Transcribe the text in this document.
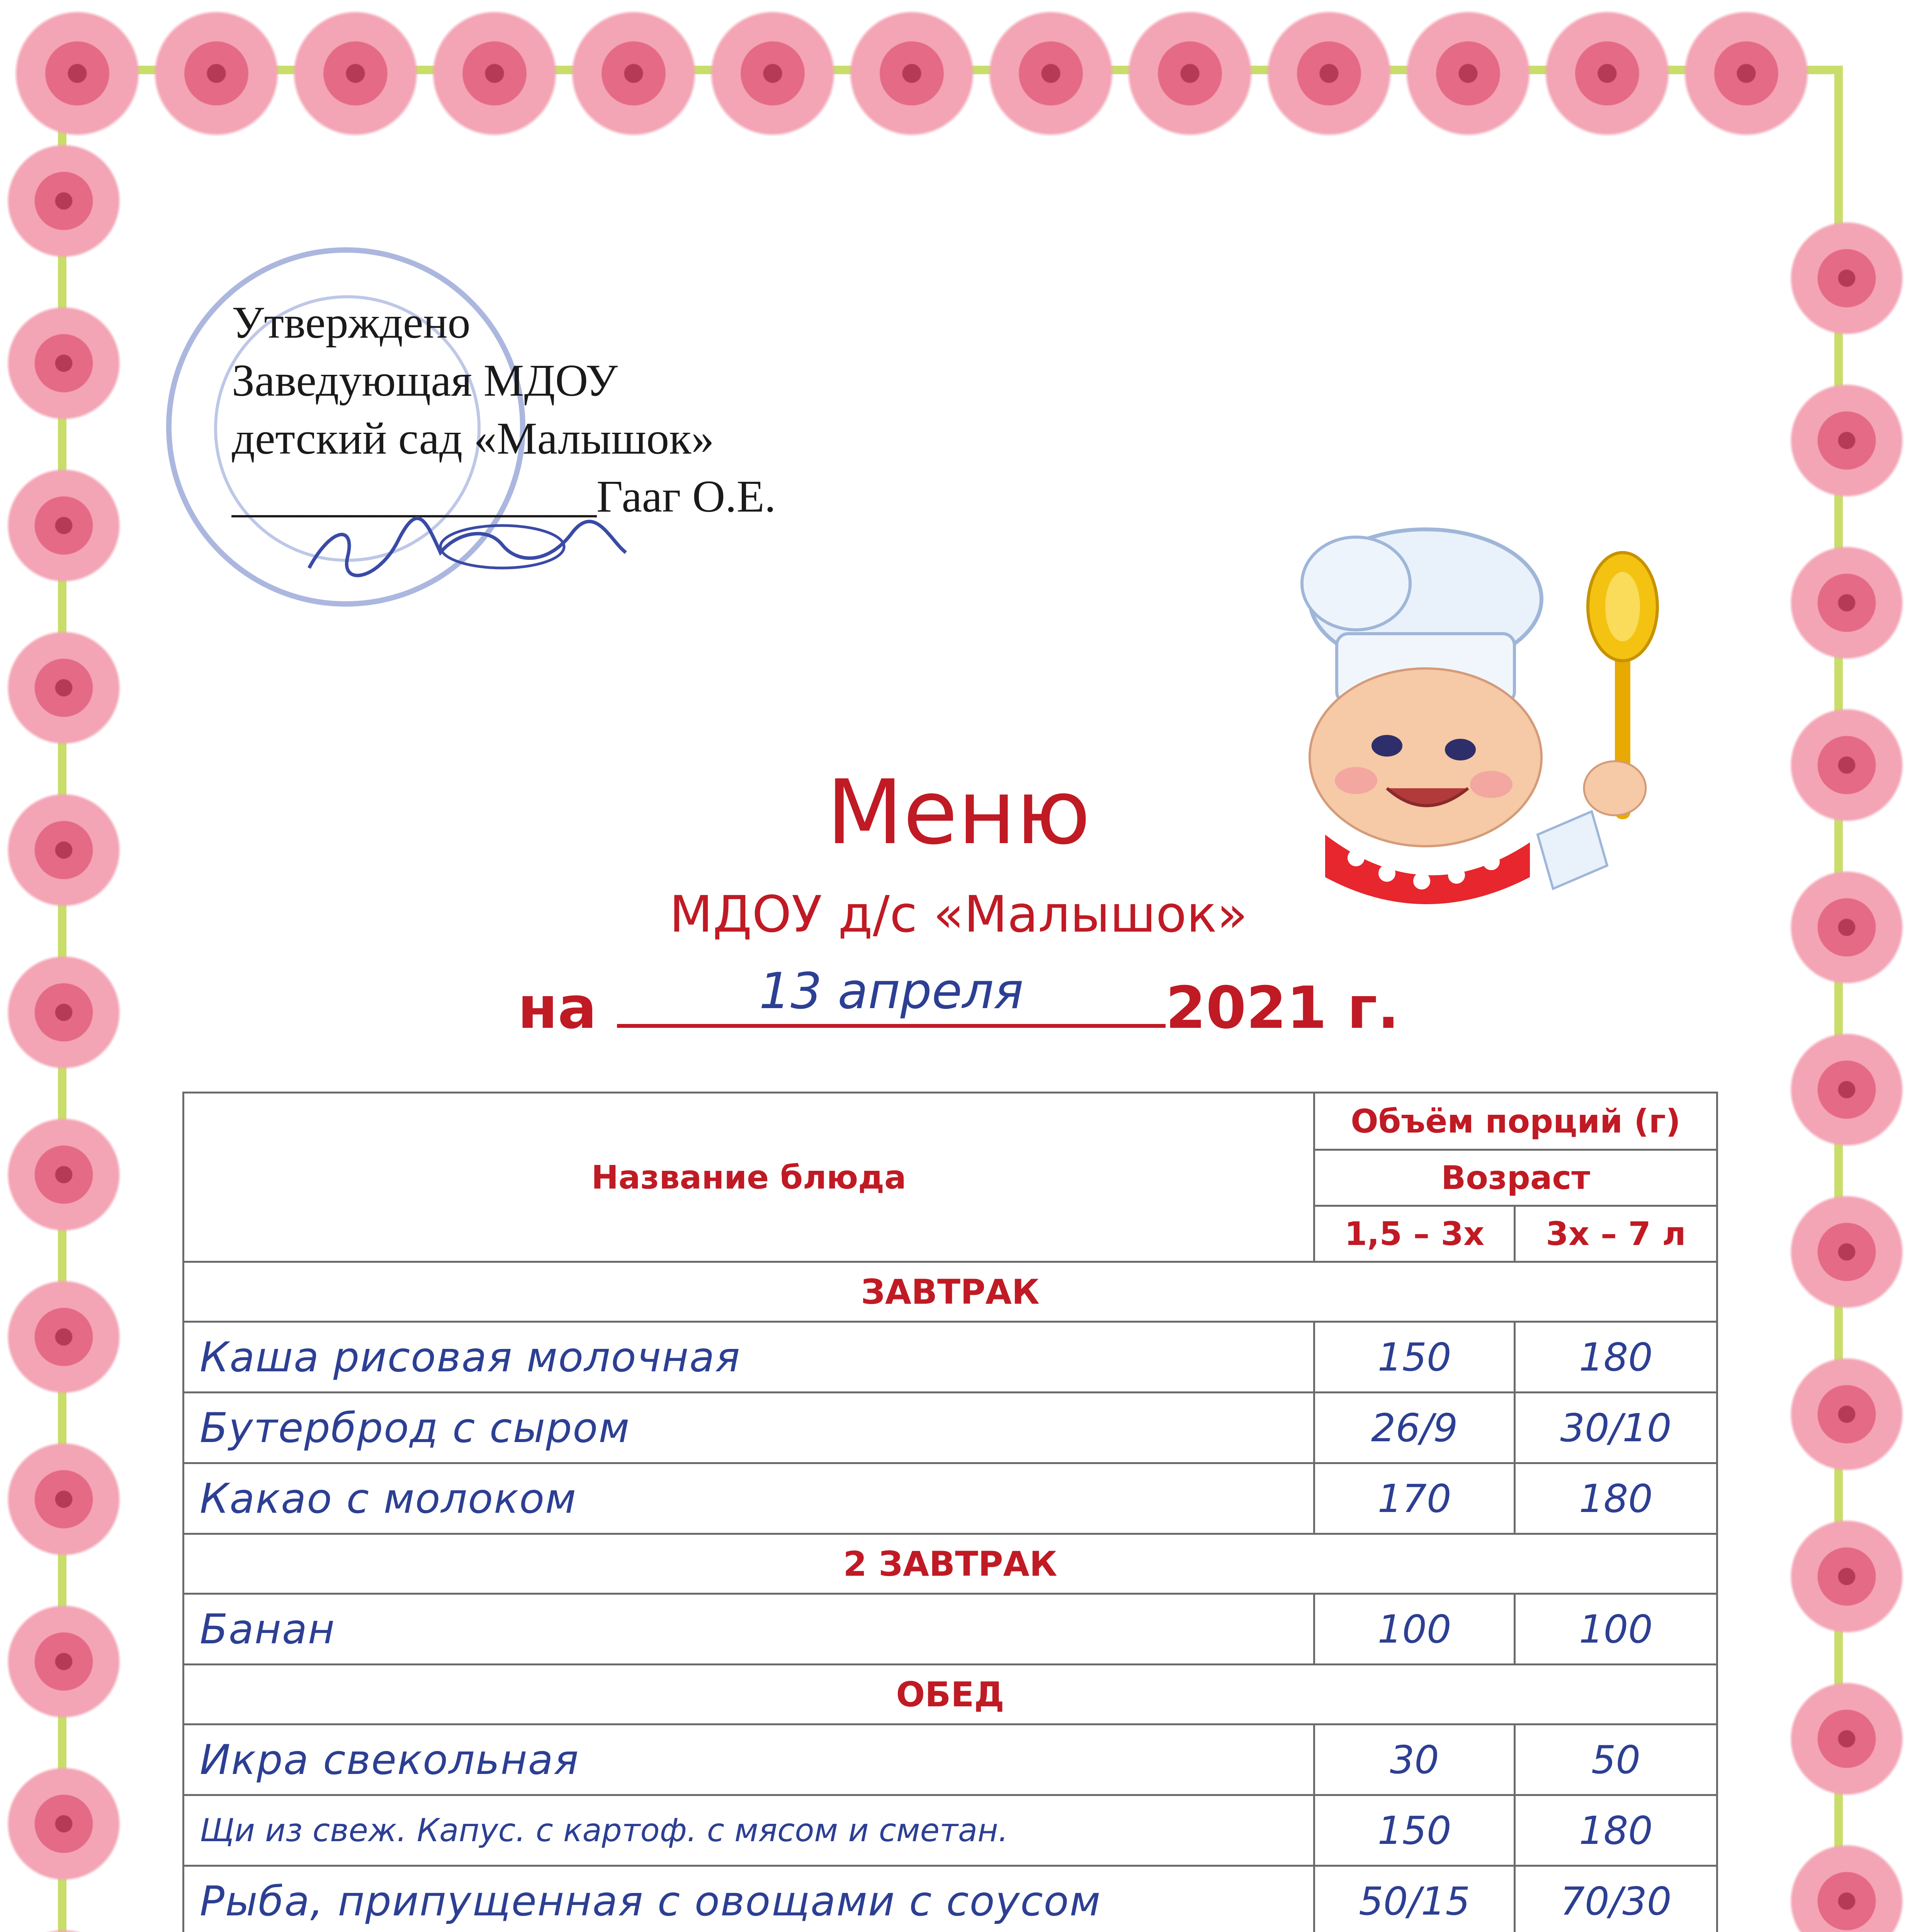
Утверждено
Заведующая МДОУ
детский сад «Малышок»
________________Гааг О.Е.
Меню
МДОУ д/с «Малышок»
на	13 апреля	2021 г.
Название блюда	Объём порций (г)	
	Возраст	
	1,5 – 3х	3х – 7 л
ЗАВТРАК		
Каша рисовая молочная	150	180
Бутерброд с сыром	26/9	30/10
Какао с молоком	170	180
2 ЗАВТРАК		
Банан	100	100
ОБЕД		
Икра свекольная	30	50
Щи из свеж. Капус. с картоф. с мясом и сметан.	150	180
Рыба, припущенная с овощами с соусом	50/15	70/30
